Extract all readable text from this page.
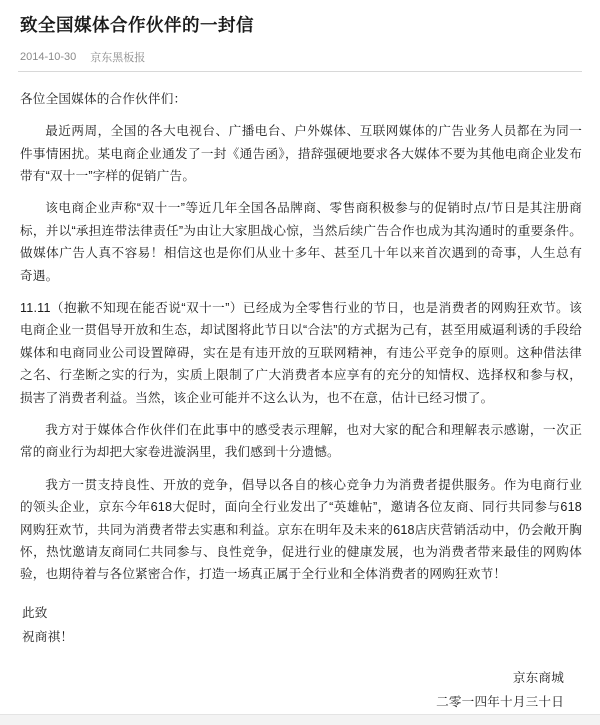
致全国媒体合作伙伴的一封信
2014-10-30 京东黑板报

各位全国媒体的合作伙伴们：

最近两周，全国的各大电视台、广播电台、户外媒体、互联网媒体的广告业务人员都在为同一件事情困扰。某电商企业通发了一封《通告函》，措辞强硬地要求各大媒体不要为其他电商企业发布带有“双十一”字样的促销广告。

该电商企业声称“双十一”等近几年全国各品牌商、零售商积极参与的促销时点/节日是其注册商标，并以“承担连带法律责任”为由让大家胆战心惊，当然后续广告合作也成为其沟通时的重要条件。做媒体广告人真不容易！相信这也是你们从业十多年、甚至几十年以来首次遇到的奇事，人生总有奇遇。

11.11（抱歉不知现在能否说“双十一”）已经成为全零售行业的节日，也是消费者的网购狂欢节。该电商企业一贯倡导开放和生态，却试图将此节日以“合法”的方式据为己有，甚至用威逼利诱的手段给媒体和电商同业公司设置障碍，实在是有违开放的互联网精神，有违公平竞争的原则。这种借法律之名、行垄断之实的行为，实质上限制了广大消费者本应享有的充分的知情权、选择权和参与权，损害了消费者利益。当然，该企业可能并不这么认为，也不在意，估计已经习惯了。

我方对于媒体合作伙伴们在此事中的感受表示理解，也对大家的配合和理解表示感谢，一次正常的商业行为却把大家卷进漩涡里，我们感到十分遗憾。

我方一贯支持良性、开放的竞争，倡导以各自的核心竞争力为消费者提供服务。作为电商行业的领头企业，京东今年618大促时，面向全行业发出了“英雄帖”，邀请各位友商、同行共同参与618网购狂欢节，共同为消费者带去实惠和利益。京东在明年及未来的618店庆营销活动中，仍会敞开胸怀，热忱邀请友商同仁共同参与、良性竞争，促进行业的健康发展，也为消费者带来最佳的网购体验，也期待着与各位紧密合作，打造一场真正属于全行业和全体消费者的网购狂欢节！

此致

祝商祺！

京东商城
二零一四年十月三十日
